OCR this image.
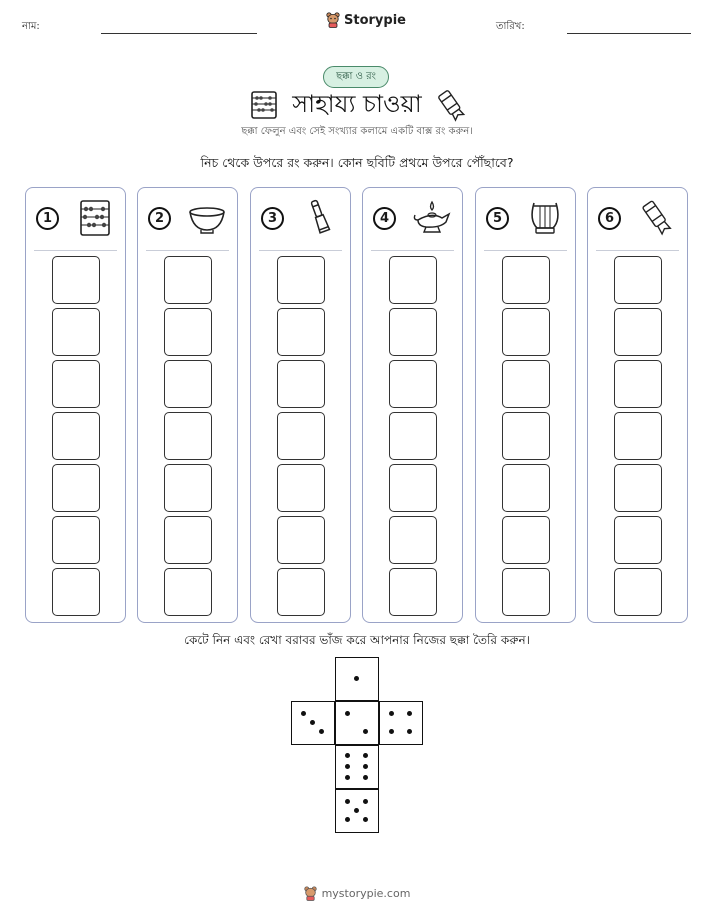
নাম:	Storypie	তারিখ:
ছক্কা ও রং
সাহায্য চাওয়া
ছক্কা ফেলুন এবং সেই সংখ্যার কলামে একটি বাক্স রং করুন।
নিচ থেকে উপরে রং করুন। কোন ছবিটি প্রথমে উপরে পৌঁছাবে?
1	2	3	4	5	6
কেটে নিন এবং রেখা বরাবর ভাঁজ করে আপনার নিজের ছক্কা তৈরি করুন।
mystorypie.com
